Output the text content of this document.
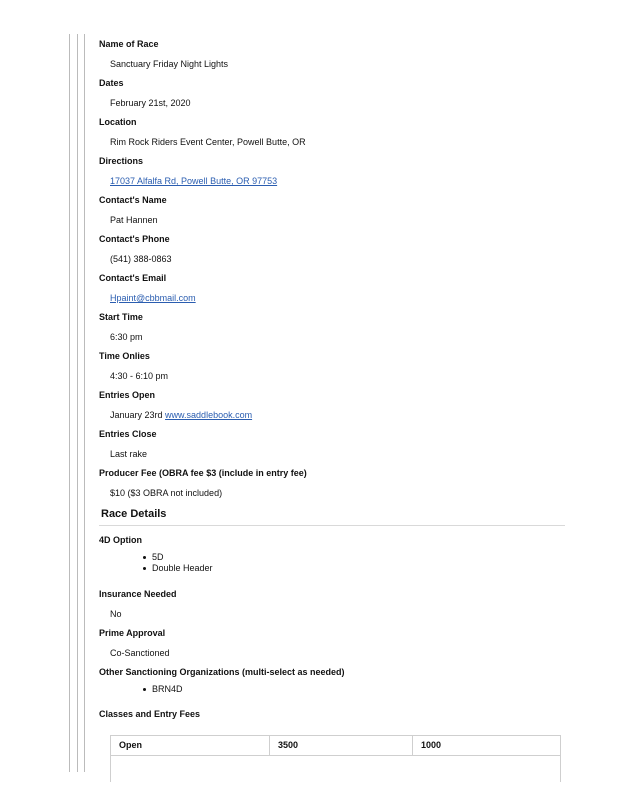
Name of Race
Sanctuary Friday Night Lights
Dates
February 21st, 2020
Location
Rim Rock Riders Event Center, Powell Butte, OR
Directions
17037 Alfalfa Rd, Powell Butte, OR 97753
Contact's Name
Pat Hannen
Contact's Phone
(541) 388-0863
Contact's Email
Hpaint@cbbmail.com
Start Time
6:30 pm
Time Onlies
4:30 - 6:10 pm
Entries Open
January 23rd www.saddlebook.com
Entries Close
Last rake
Producer Fee (OBRA fee $3 (include in entry fee)
$10 ($3 OBRA not included)
Race Details
4D Option
5D
Double Header
Insurance Needed
No
Prime Approval
Co-Sanctioned
Other Sanctioning Organizations (multi-select as needed)
BRN4D
Classes and Entry Fees
Open	3500	1000
